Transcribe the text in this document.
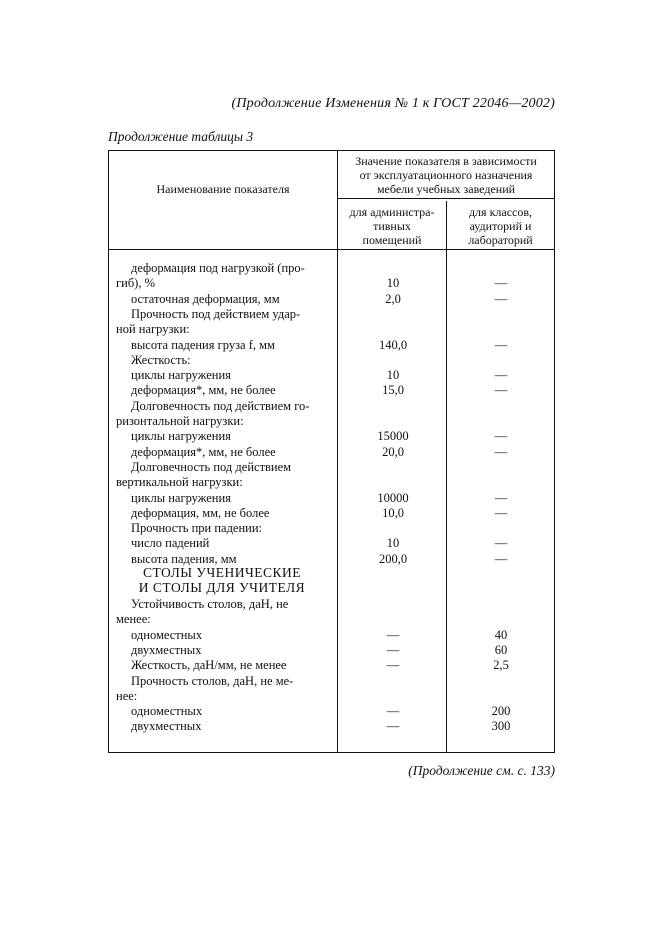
(Продолжение Изменения № 1 к ГОСТ 22046—2002)
Продолжение таблицы 3
Наименование показателя
Значение показателя в зависимости
от эксплуатационного назначения
мебели учебных заведений
для администра-
тивных
помещений
для классов,
аудиторий и
лабораторий
деформация под нагрузкой (про-
гиб), %	10	—
остаточная деформация, мм	2,0	—
Прочность под действием удар-
ной нагрузки:
высота падения груза f, мм	140,0	—
Жесткость:
циклы нагружения	10	—
деформация*, мм, не более	15,0	—
Долговечность под действием го-
ризонтальной нагрузки:
циклы нагружения	15000	—
деформация*, мм, не более	20,0	—
Долговечность под действием
вертикальной нагрузки:
циклы нагружения	10000	—
деформация, мм, не более	10,0	—
Прочность при падении:
число падений	10	—
высота падения, мм	200,0	—
СТОЛЫ УЧЕНИЧЕСКИЕ
И СТОЛЫ ДЛЯ УЧИТЕЛЯ
Устойчивость столов, даН, не
менее:
одноместных	—	40
двухместных	—	60
Жесткость, даН/мм, не менее	—	2,5
Прочность столов, даН, не ме-
нее:
одноместных	—	200
двухместных	—	300
(Продолжение см. с. 133)
